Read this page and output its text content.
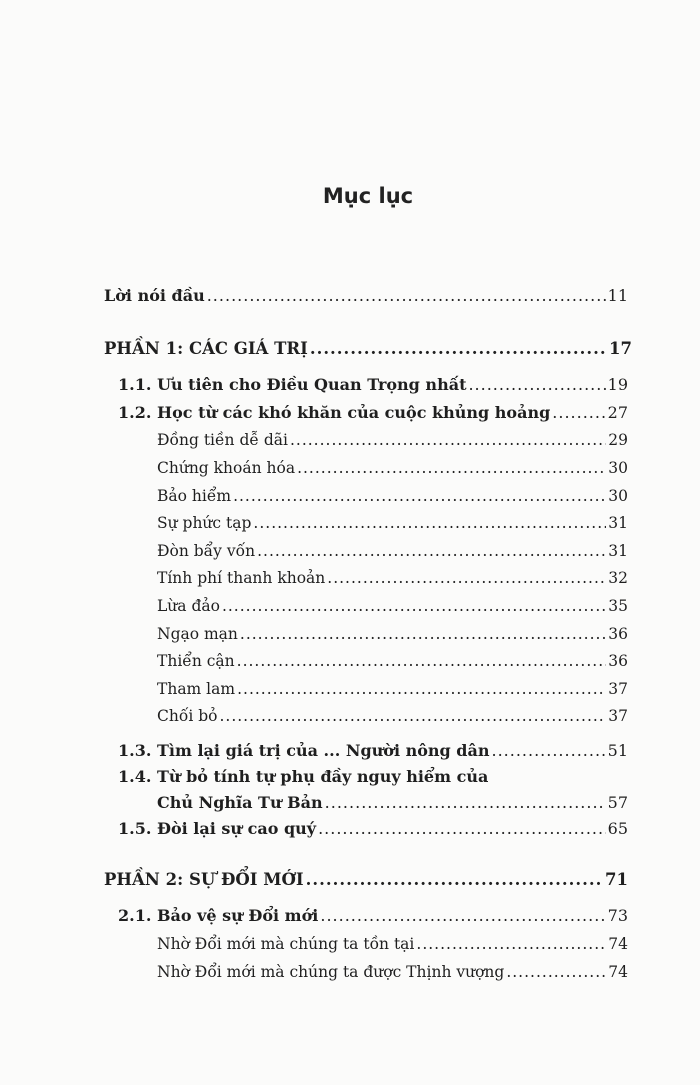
Mục lục
Lời nói đầu .....	11
PHẦN 1: CÁC GIÁ TRỊ .....	17
1.1. Ưu tiên cho Điều Quan Trọng nhất .....	19
1.2. Học từ các khó khăn của cuộc khủng hoảng .....	27
Đồng tiền dễ dãi .....	29
Chứng khoán hóa .....	30
Bảo hiểm .....	30
Sự phức tạp .....	31
Đòn bẩy vốn .....	31
Tính phí thanh khoản .....	32
Lừa đảo .....	35
Ngạo mạn .....	36
Thiển cận .....	36
Tham lam .....	37
Chối bỏ .....	37
1.3. Tìm lại giá trị của ... Người nông dân .....	51
1.4. Từ bỏ tính tự phụ đầy nguy hiểm của
Chủ Nghĩa Tư Bản .....	57
1.5. Đòi lại sự cao quý .....	65
PHẦN 2: SỰ ĐỔI MỚI .....	71
2.1. Bảo vệ sự Đổi mới .....	73
Nhờ Đổi mới mà chúng ta tồn tại .....	74
Nhờ Đổi mới mà chúng ta được Thịnh vượng .....	74
